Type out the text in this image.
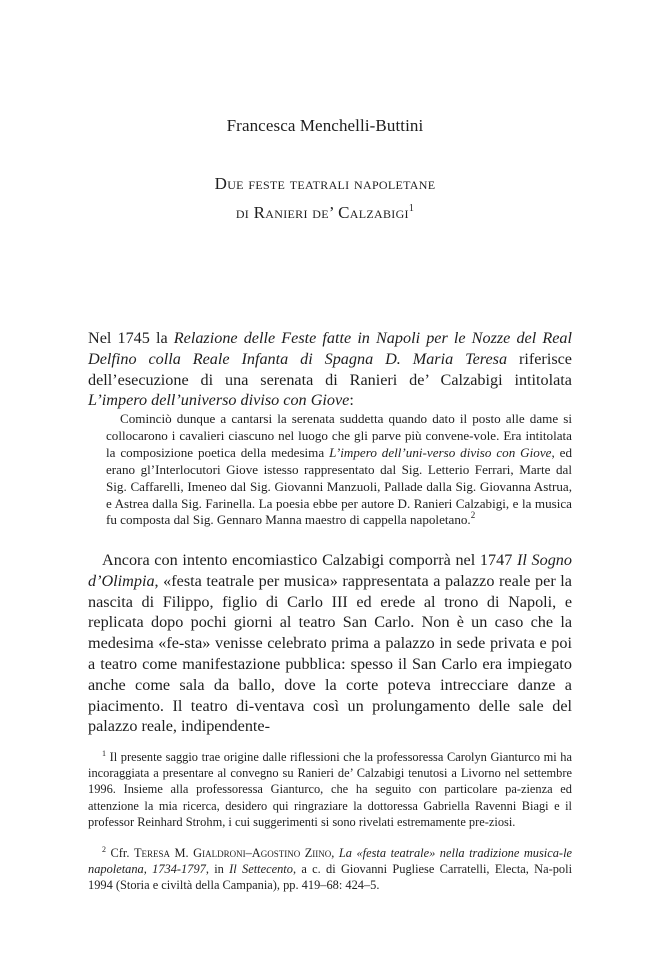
Francesca Menchelli-Buttini
Due feste teatrali napoletane
di Ranieri de’ Calzabigi$^1$
Nel 1745 la Relazione delle Feste fatte in Napoli per le Nozze del Real Delfino colla Reale Infanta di Spagna D. Maria Teresa riferisce dell’esecuzione di una serenata di Ranieri de’ Calzabigi intitolata L’impero dell’universo diviso con Giove:
Cominciò dunque a cantarsi la serenata suddetta quando dato il posto alle dame si collocarono i cavalieri ciascuno nel luogo che gli parve più convene-vole. Era intitolata la composizione poetica della medesima L’impero dell’uni-verso diviso con Giove, ed erano gl’Interlocutori Giove istesso rappresentato dal Sig. Letterio Ferrari, Marte dal Sig. Caffarelli, Imeneo dal Sig. Giovanni Manzuoli, Pallade dalla Sig. Giovanna Astrua, e Astrea dalla Sig. Farinella. La poesia ebbe per autore D. Ranieri Calzabigi, e la musica fu composta dal Sig. Gennaro Manna maestro di cappella napoletano.$^2$
Ancora con intento encomiastico Calzabigi comporrà nel 1747 Il Sogno d’Olimpia, «festa teatrale per musica» rappresentata a palazzo reale per la nascita di Filippo, figlio di Carlo III ed erede al trono di Napoli, e replicata dopo pochi giorni al teatro San Carlo. Non è un caso che la medesima «fe-sta» venisse celebrato prima a palazzo in sede privata e poi a teatro come manifestazione pubblica: spesso il San Carlo era impiegato anche come sala da ballo, dove la corte poteva intrecciare danze a piacimento. Il teatro di-ventava così un prolungamento delle sale del palazzo reale, indipendente-
$^1$ Il presente saggio trae origine dalle riflessioni che la professoressa Carolyn Gianturco mi ha incoraggiata a presentare al convegno su Ranieri de’ Calzabigi tenutosi a Livorno nel settembre 1996. Insieme alla professoressa Gianturco, che ha seguito con particolare pa-zienza ed attenzione la mia ricerca, desidero qui ringraziare la dottoressa Gabriella Ravenni Biagi e il professor Reinhard Strohm, i cui suggerimenti si sono rivelati estremamente pre-ziosi.
$^2$ Cfr. Teresa M. Gialdroni–Agostino Ziino, La «festa teatrale» nella tradizione musica-le napoletana, 1734-1797, in Il Settecento, a c. di Giovanni Pugliese Carratelli, Electa, Na-poli 1994 (Storia e civiltà della Campania), pp. 419–68: 424–5.
